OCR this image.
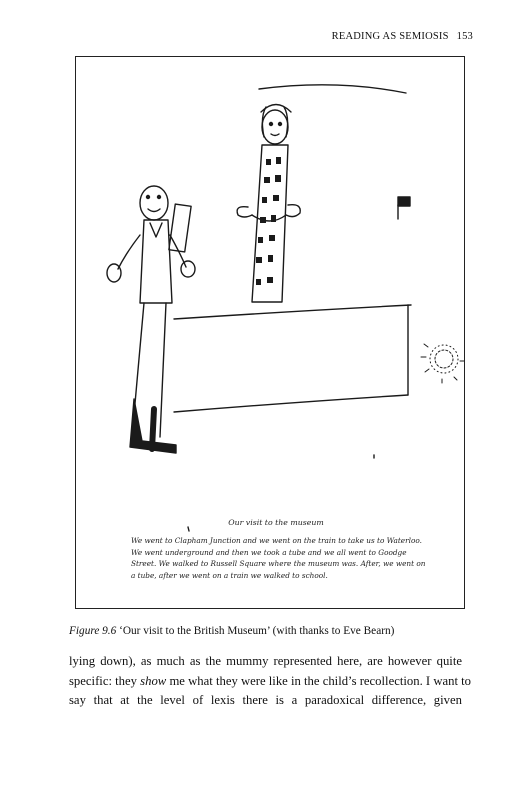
READING AS SEMIOSIS 153
Our visit to the museum
We went to Clapham Junction and we went on the train to take us to Waterloo.
We went underground and then we took a tube and we all went to Goodge
Street. We walked to Russell Square where the museum was. After, we went on
a tube, after we went on a train we walked to school.
Figure 9.6 ‘Our visit to the British Museum’ (with thanks to Eve Bearn)
lying down), as much as the mummy represented here, are however quite
specific: they show me what they were like in the child’s recollection. I want to
say that at the level of lexis there is a paradoxical difference, given
